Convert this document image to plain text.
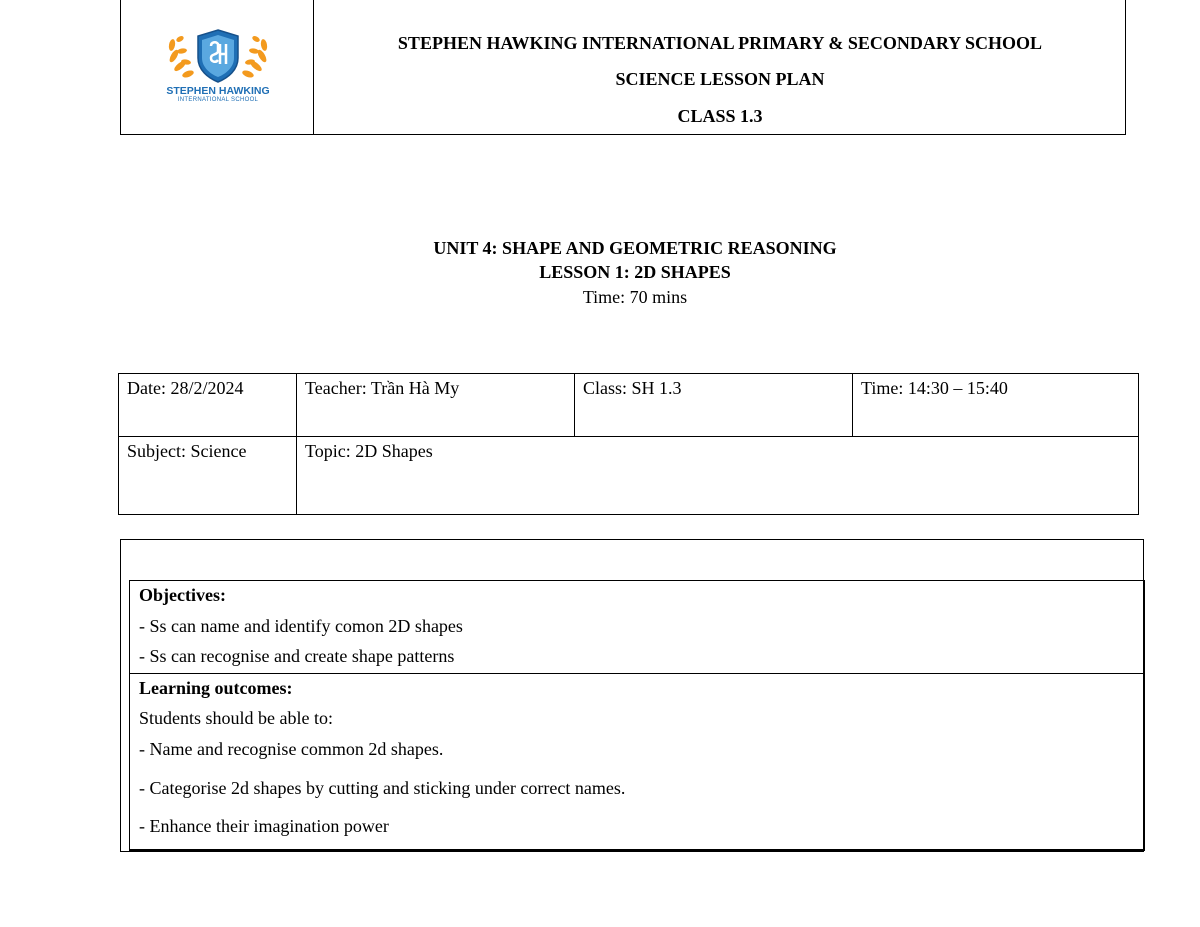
STEPHEN HAWKING
INTERNATIONAL SCHOOL
STEPHEN HAWKING INTERNATIONAL PRIMARY & SECONDARY SCHOOL
SCIENCE LESSON PLAN
CLASS 1.3
UNIT 4: SHAPE AND GEOMETRIC REASONING
LESSON 1: 2D SHAPES
Time: 70 mins
Date: 28/2/2024	Teacher: Trần Hà My	Class: SH 1.3	Time: 14:30 – 15:40
Subject: Science	Topic: 2D Shapes
Objectives:
- Ss can name and identify comon 2D shapes
- Ss can recognise and create shape patterns
Learning outcomes:
Students should be able to:
- Name and recognise common 2d shapes.
- Categorise 2d shapes by cutting and sticking under correct names.
- Enhance their imagination power
